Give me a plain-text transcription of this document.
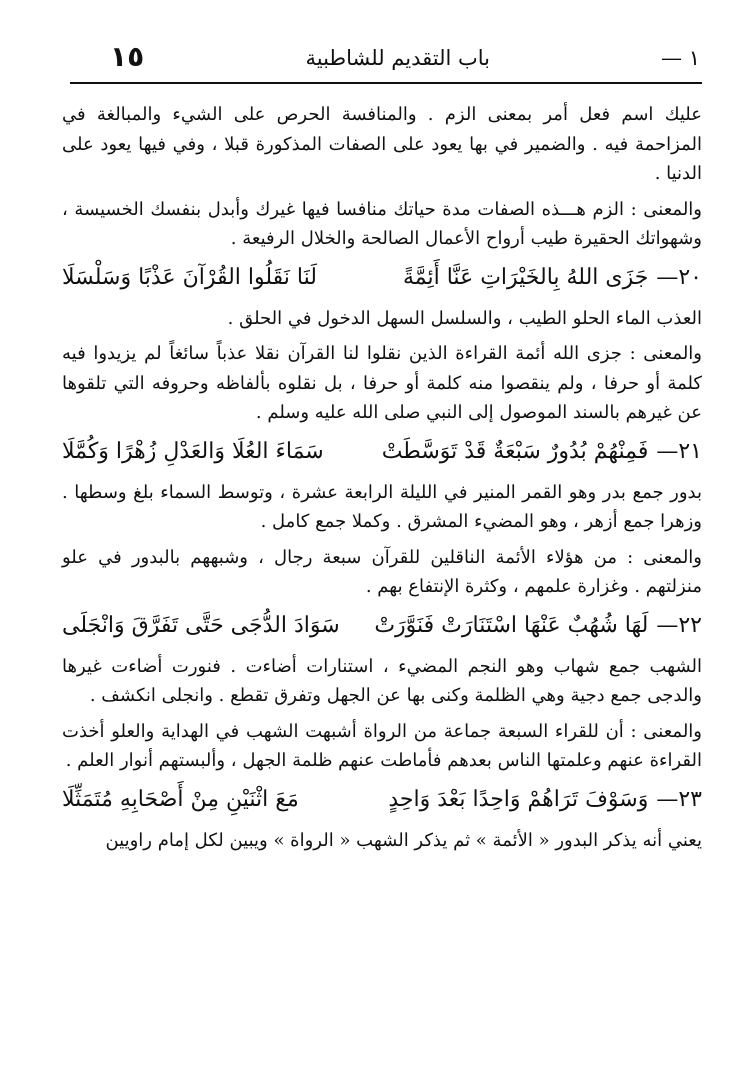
١٥	باب التقديم للشاطبية	١ —

عليك اسم فعل أمر بمعنى الزم . والمنافسة الحرص على الشيء والمبالغة في المزاحمة فيه . والضمير في بها يعود على الصفات المذكورة قبلا ، وفي فيها يعود على الدنيا .

والمعنى : الزم هـــذه الصفات مدة حياتك منافسا فيها غيرك وأبدل بنفسك الخسيسة ، وشهواتك الحقيرة طيب أرواح الأعمال الصالحة والخلال الرفيعة .

٢٠—
جَزَى اللهُ بِالخَيْرَاتِ عَنَّا أَئِمَّةً
لَنَا نَقَلُوا القُرْآنَ عَذْبًا وَسَلْسَلَا

العذب الماء الحلو الطيب ، والسلسل السهل الدخول في الحلق .

والمعنى : جزى الله أئمة القراءة الذين نقلوا لنا القرآن نقلا عذباً سائغاً لم يزيدوا فيه كلمة أو حرفا ، ولم ينقصوا منه كلمة أو حرفا ، بل نقلوه بألفاظه وحروفه التي تلقوها عن غيرهم بالسند الموصول إلى النبي صلى الله عليه وسلم .

٢١—
فَمِنْهُمْ بُدُورٌ سَبْعَةٌ قَدْ تَوَسَّطَتْ
سَمَاءَ العُلَا وَالعَدْلِ زُهْرًا وَكُمَّلَا

بدور جمع بدر وهو القمر المنير في الليلة الرابعة عشرة ، وتوسط السماء بلغ وسطها . وزهرا جمع أزهر ، وهو المضيء المشرق . وكملا جمع كامل .

والمعنى : من هؤلاء الأئمة الناقلين للقرآن سبعة رجال ، وشبههم بالبدور في علو منزلتهم . وغزارة علمهم ، وكثرة الإنتفاع بهم .

٢٢—
لَهَا شُهُبٌ عَنْهَا اسْتَنَارَتْ فَنَوَّرَتْ
سَوَادَ الدُّجَى حَتَّى تَفَرَّقَ وَانْجَلَى

الشهب جمع شهاب وهو النجم المضيء ، استنارات أضاءت . فنورت أضاءت غيرها والدجى جمع دجية وهي الظلمة وكنى بها عن الجهل وتفرق تقطع . وانجلى انكشف .

والمعنى : أن للقراء السبعة جماعة من الرواة أشبهت الشهب في الهداية والعلو أخذت القراءة عنهم وعلمتها الناس بعدهم فأماطت عنهم ظلمة الجهل ، وألبستهم أنوار العلم .

٢٣—
وَسَوْفَ تَرَاهُمْ وَاحِدًا بَعْدَ وَاحِدٍ
مَعَ اثْنَيْنِ مِنْ أَصْحَابِهِ مُتَمَثِّلَا

يعني أنه يذكر البدور « الأئمة » ثم يذكر الشهب « الرواة » ويبين لكل إمام راويين
